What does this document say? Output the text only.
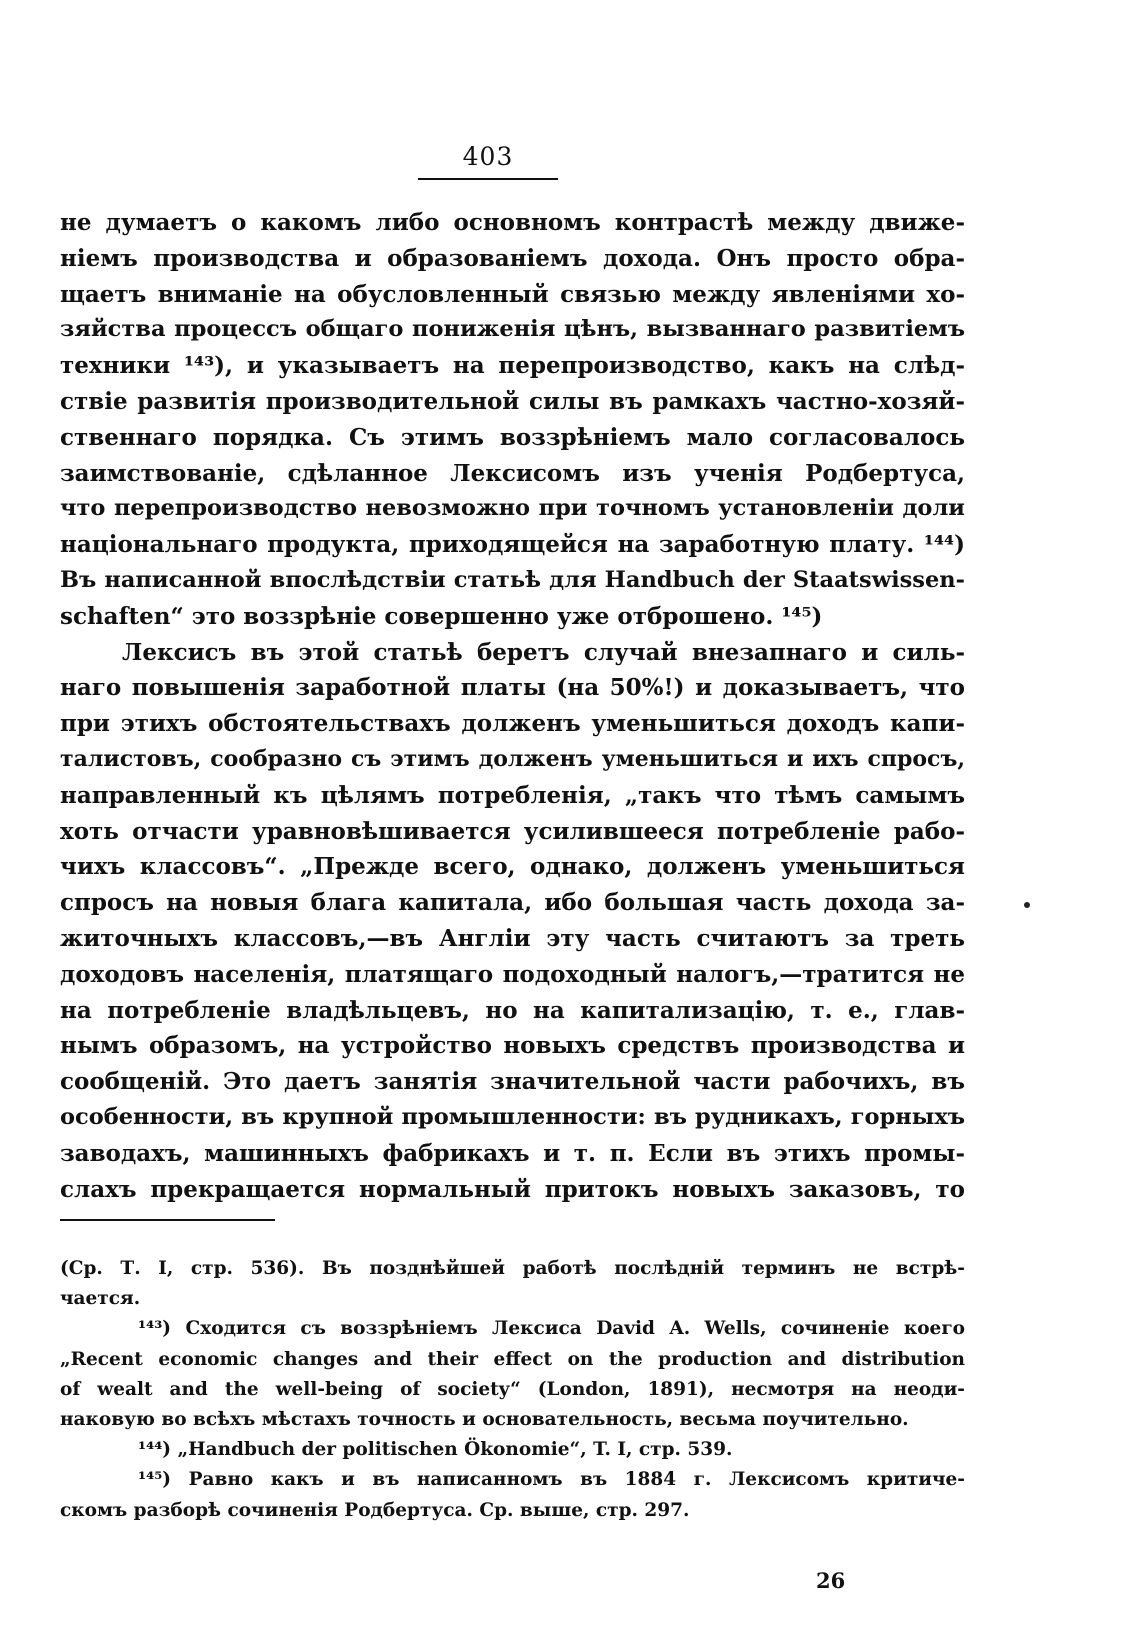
403
не думаетъ о какомъ либо основномъ контрастѣ между движе-
ніемъ производства и образованіемъ дохода. Онъ просто обра-
щаетъ вниманіе на обусловленный связью между явленіями хо-
зяйства процессъ общаго пониженія цѣнъ, вызваннаго развитіемъ
техники ¹⁴³), и указываетъ на перепроизводство, какъ на слѣд-
ствіе развитія производительной силы въ рамкахъ частно-хозяй-
ственнаго порядка. Съ этимъ воззрѣніемъ мало согласовалось
заимствованіе, сдѣланное Лексисомъ изъ ученія Родбертуса,
что перепроизводство невозможно при точномъ установленіи доли
національнаго продукта, приходящейся на заработную плату. ¹⁴⁴)
Въ написанной впослѣдствіи статьѣ для Handbuch der Staatswissen-
schaften“ это воззрѣніе совершенно уже отброшено. ¹⁴⁵)
Лексисъ въ этой статьѣ беретъ случай внезапнаго и силь-
наго повышенія заработной платы (на 50%!) и доказываетъ, что
при этихъ обстоятельствахъ долженъ уменьшиться доходъ капи-
талистовъ, сообразно съ этимъ долженъ уменьшиться и ихъ спросъ,
направленный къ цѣлямъ потребленія, „такъ что тѣмъ самымъ
хоть отчасти уравновѣшивается усилившееся потребленіе рабо-
чихъ классовъ“. „Прежде всего, однако, долженъ уменьшиться
спросъ на новыя блага капитала, ибо большая часть дохода за-
житочныхъ классовъ,—въ Англіи эту часть считаютъ за треть
доходовъ населенія, платящаго подоходный налогъ,—тратится не
на потребленіе владѣльцевъ, но на капитализацію, т. е., глав-
нымъ образомъ, на устройство новыхъ средствъ производства и
сообщеній. Это даетъ занятія значительной части рабочихъ, въ
особенности, въ крупной промышленности: въ рудникахъ, горныхъ
заводахъ, машинныхъ фабрикахъ и т. п. Если въ этихъ промы-
слахъ прекращается нормальный притокъ новыхъ заказовъ, то
(Ср. Т. I, стр. 536). Въ позднѣйшей работѣ послѣдній терминъ не встрѣ-
чается.
¹⁴³) Сходится съ воззрѣніемъ Лексиса David A. Wells, сочиненіе коего
„Recent economic changes and their effect on the production and distribution
of wealt and the well-being of society“ (London, 1891), несмотря на неоди-
наковую во всѣхъ мѣстахъ точность и основательность, весьма поучительно.
¹⁴⁴) „Handbuch der politischen Ökonomie“, T. I, стр. 539.
¹⁴⁵) Равно какъ и въ написанномъ въ 1884 г. Лексисомъ критиче-
скомъ разборѣ сочиненія Родбертуса. Ср. выше, стр. 297.
26
